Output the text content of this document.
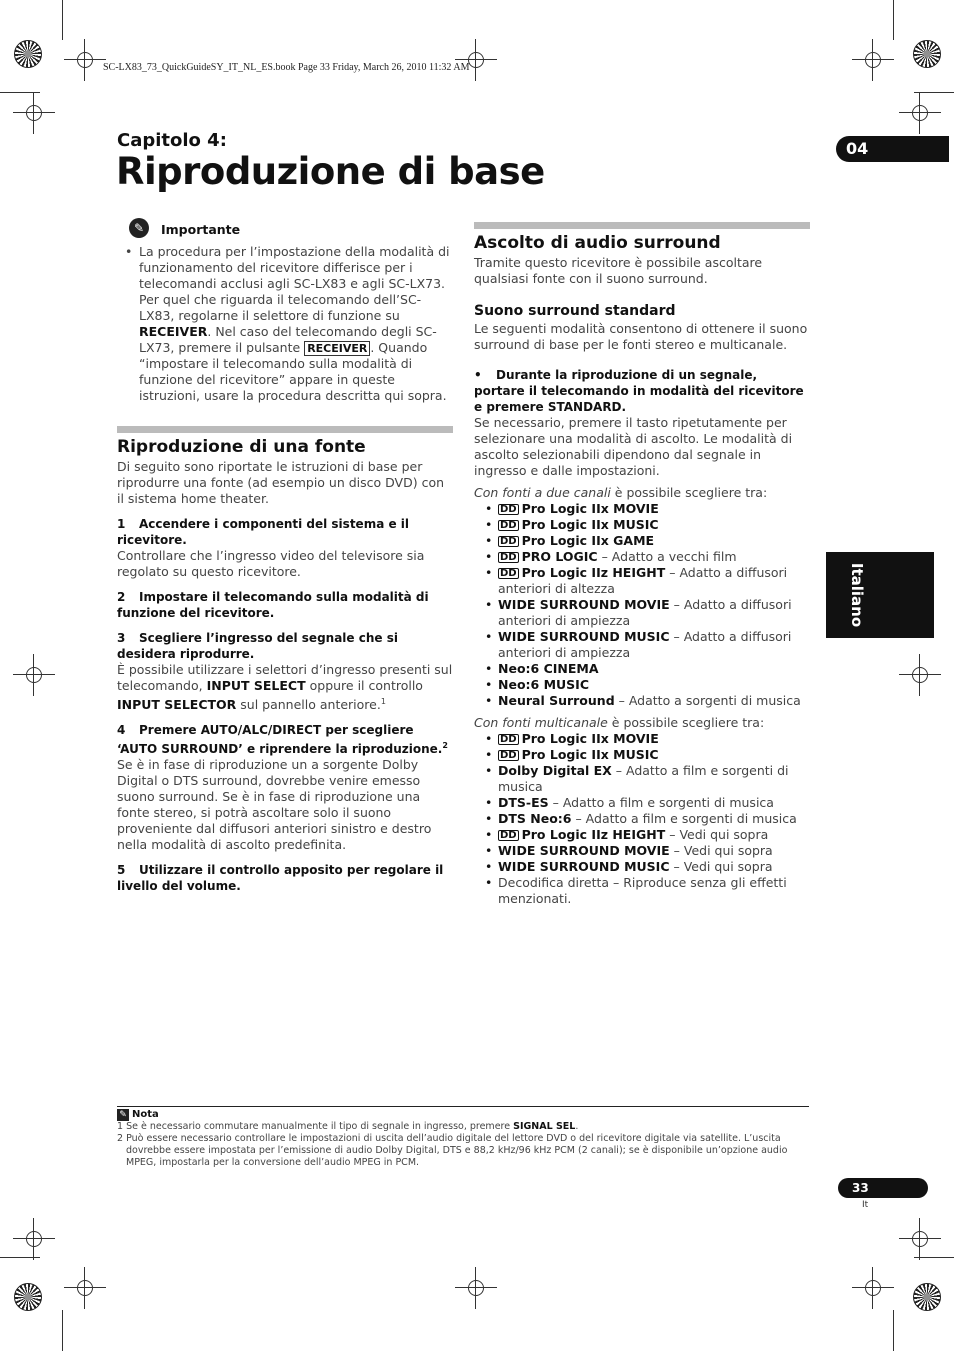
SC-LX83_73_QuickGuideSY_IT_NL_ES.book Page 33 Friday, March 26, 2010 11:32 AM
Capitolo 4:
Riproduzione di base
04
Italiano
✎	Importante

• La procedura per l’impostazione della modalità di funzionamento del ricevitore differisce per i telecomandi acclusi agli SC-LX83 e agli SC-LX73. Per quel che riguarda il telecomando dell’SC-LX83, regolarne il selettore di funzione su RECEIVER. Nel caso del telecomando degli SC-LX73, premere il pulsante RECEIVER . Quando “impostare il telecomando sulla modalità di funzione del ricevitore” appare in queste istruzioni, usare la procedura descritta qui sopra.

Riproduzione di una fonte

Di seguito sono riportate le istruzioni di base per riprodurre una fonte (ad esempio un disco DVD) con il sistema home theater.

1 Accendere i componenti del sistema e il ricevitore.

Controllare che l’ingresso video del televisore sia regolato su questo ricevitore.

2 Impostare il telecomando sulla modalità di funzione del ricevitore.
3 Scegliere l’ingresso del segnale che si desidera riprodurre.

È possibile utilizzare i selettori d’ingresso presenti sul telecomando, INPUT SELECT oppure il controllo INPUT SELECTOR sul pannello anteriore.$^1$

4 Premere AUTO/ALC/DIRECT per scegliere ‘AUTO SURROUND’ e riprendere la riproduzione.$^2$

Se è in fase di riproduzione un a sorgente Dolby Digital o DTS surround, dovrebbe venire emesso suono surround. Se è in fase di riproduzione una fonte stereo, si potrà ascoltare solo il suono proveniente dal diffusori anteriori sinistro e destro nella modalità di ascolto predefinita.

5 Utilizzare il controllo apposito per regolare il livello del volume.
Ascolto di audio surround

Tramite questo ricevitore è possibile ascoltare qualsiasi fonte con il suono surround.

Suono surround standard

Le seguenti modalità consentono di ottenere il suono surround di base per le fonti stereo e multicanale.

• Durante la riproduzione di un segnale, portare il telecomando in modalità del ricevitore e premere STANDARD.

Se necessario, premere il tasto ripetutamente per selezionare una modalità di ascolto. Le modalità di ascolto selezionabili dipendono dal segnale in ingresso e dalle impostazioni.

Con fonti a due canali è possibile scegliere tra:

• DD Pro Logic IIx MOVIE
• DD Pro Logic IIx MUSIC
• DD Pro Logic IIx GAME
• DD PRO LOGIC – Adatto a vecchi film
• DD Pro Logic IIz HEIGHT – Adatto a diffusori anteriori di altezza
• WIDE SURROUND MOVIE – Adatto a diffusori anteriori di ampiezza
• WIDE SURROUND MUSIC – Adatto a diffusori anteriori di ampiezza
• Neo:6 CINEMA
• Neo:6 MUSIC
• Neural Surround – Adatto a sorgenti di musica

Con fonti multicanale è possibile scegliere tra:

• DD Pro Logic IIx MOVIE
• DD Pro Logic IIx MUSIC
• Dolby Digital EX – Adatto a film e sorgenti di musica
• DTS-ES – Adatto a film e sorgenti di musica
• DTS Neo:6 – Adatto a film e sorgenti di musica
• DD Pro Logic IIz HEIGHT – Vedi qui sopra
• WIDE SURROUND MOVIE – Vedi qui sopra
• WIDE SURROUND MUSIC – Vedi qui sopra
• Decodifica diretta – Riproduce senza gli effetti menzionati.
✎ Nota
1 Se è necessario commutare manualmente il tipo di segnale in ingresso, premere SIGNAL SEL.
2 Può essere necessario controllare le impostazioni di uscita dell’audio digitale del lettore DVD o del ricevitore digitale via satellite. L’uscita dovrebbe essere impostata per l’emissione di audio Dolby Digital, DTS e 88,2 kHz/96 kHz PCM (2 canali); se è disponibile un’opzione audio MPEG, impostarla per la conversione dell’audio MPEG in PCM.
33
It
